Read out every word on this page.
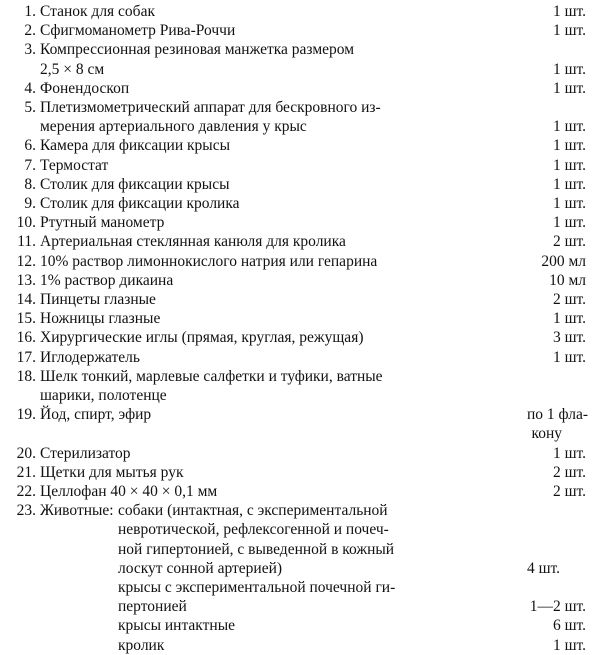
1. Станок для собак	1 шт.
2. Сфигмоманометр Рива-Роччи	1 шт.
3. Компрессионная резиновая манжетка размером
2,5 × 8 см	1 шт.
4. Фонендоскоп	1 шт.
5. Плетизмометрический аппарат для бескровного из-
мерения артериального давления у крыс	1 шт.
6. Камера для фиксации крысы	1 шт.
7. Термостат	1 шт.
8. Столик для фиксации крысы	1 шт.
9. Столик для фиксации кролика	1 шт.
10. Ртутный манометр	1 шт.
11. Артериальная стеклянная канюля для кролика	2 шт.
12. 10% раствор лимоннокислого натрия или гепарина	200 мл
13. 1% раствор дикаина	10 мл
14. Пинцеты глазные	2 шт.
15. Ножницы глазные	1 шт.
16. Хирургические иглы (прямая, круглая, режущая)	3 шт.
17. Иглодержатель	1 шт.
18. Шелк тонкий, марлевые салфетки и туфики, ватные
шарики, полотенце
19. Йод, спирт, эфир	по 1 фла-
кону
20. Стерилизатор	1 шт.
21. Щетки для мытья рук	2 шт.
22. Целлофан 40 × 40 × 0,1 мм	2 шт.
23. Животные: собаки (интактная, с экспериментальной
невротической, рефлексогенной и почеч-
ной гипертонией, с выведенной в кожный
лоскут сонной артерией)	4 шт.
крысы с экспериментальной почечной ги-
пертонией	1—2 шт.
крысы интактные	6 шт.
кролик	1 шт.
